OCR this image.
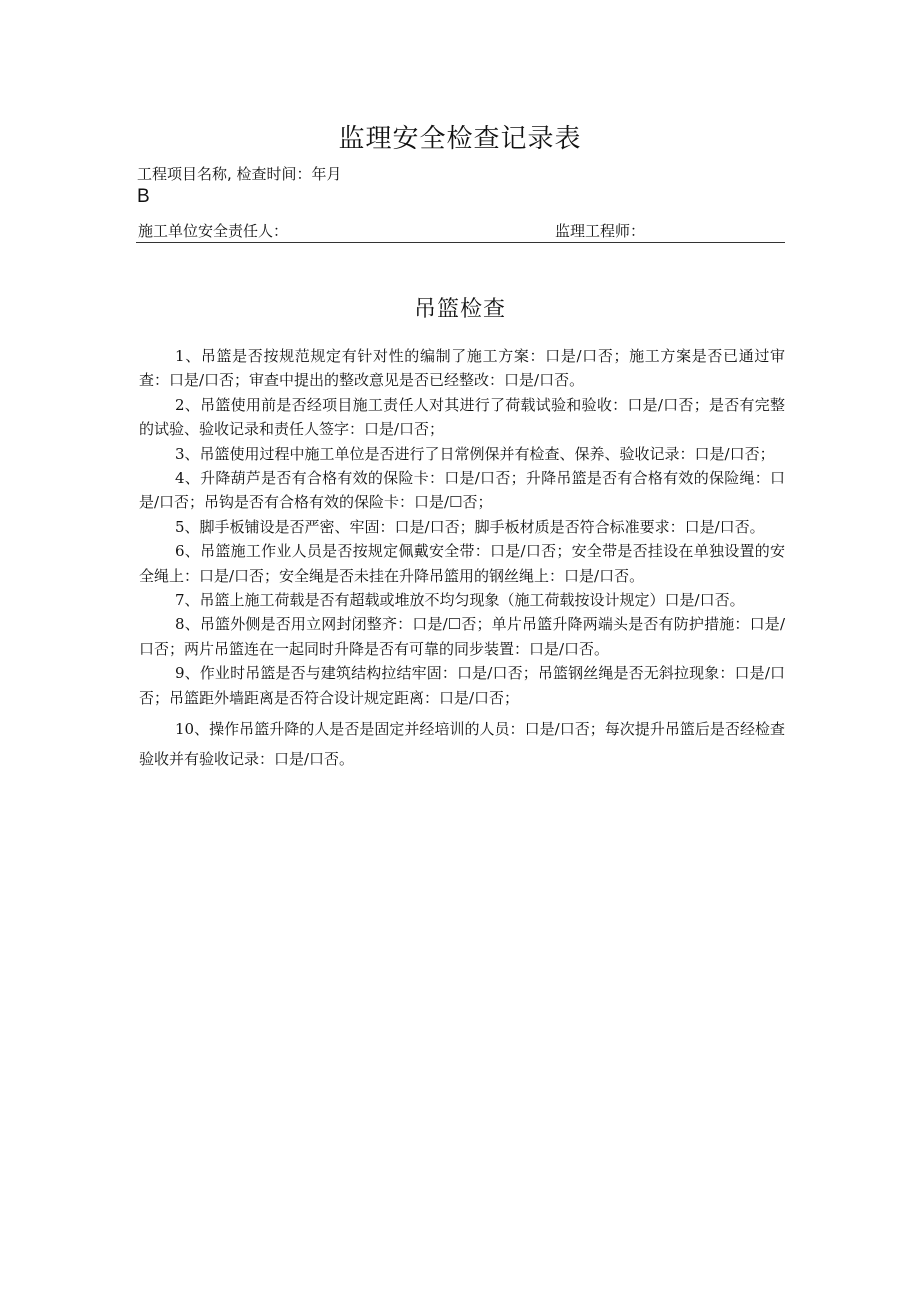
监理安全检查记录表
工程项目名称, 检查时间：年月
B
施工单位安全责任人：	监理工程师：
吊篮检查

1、吊篮是否按规范规定有针对性的编制了施工方案：口是/口否；施工方案是否已通过审查：口是/口否；审查中提出的整改意见是否已经整改：口是/口否。

2、吊篮使用前是否经项目施工责任人对其进行了荷载试验和验收：口是/口否；是否有完整的试验、验收记录和责任人签字：口是/口否；

3、吊篮使用过程中施工单位是否进行了日常例保并有检查、保养、验收记录：口是/口否；

4、升降葫芦是否有合格有效的保险卡：口是/口否；升降吊篮是否有合格有效的保险绳：口是/口否；吊钩是否有合格有效的保险卡：口是/☐否；

5、脚手板铺设是否严密、牢固：口是/口否；脚手板材质是否符合标准要求：口是/口否。

6、吊篮施工作业人员是否按规定佩戴安全带：口是/口否；安全带是否挂设在单独设置的安全绳上：口是/口否；安全绳是否未挂在升降吊篮用的钢丝绳上：口是/口否。

7、吊篮上施工荷载是否有超载或堆放不均匀现象（施工荷载按设计规定）口是/口否。

8、吊篮外侧是否用立网封闭整齐：口是/☐否；单片吊篮升降两端头是否有防护措施：口是/口否；两片吊篮连在一起同时升降是否有可靠的同步装置：口是/口否。

9、作业时吊篮是否与建筑结构拉结牢固：口是/口否；吊篮钢丝绳是否无斜拉现象：口是/口否；吊篮距外墙距离是否符合设计规定距离：口是/口否；

10、操作吊篮升降的人是否是固定并经培训的人员：口是/口否；每次提升吊篮后是否经检查验收并有验收记录：口是/口否。
